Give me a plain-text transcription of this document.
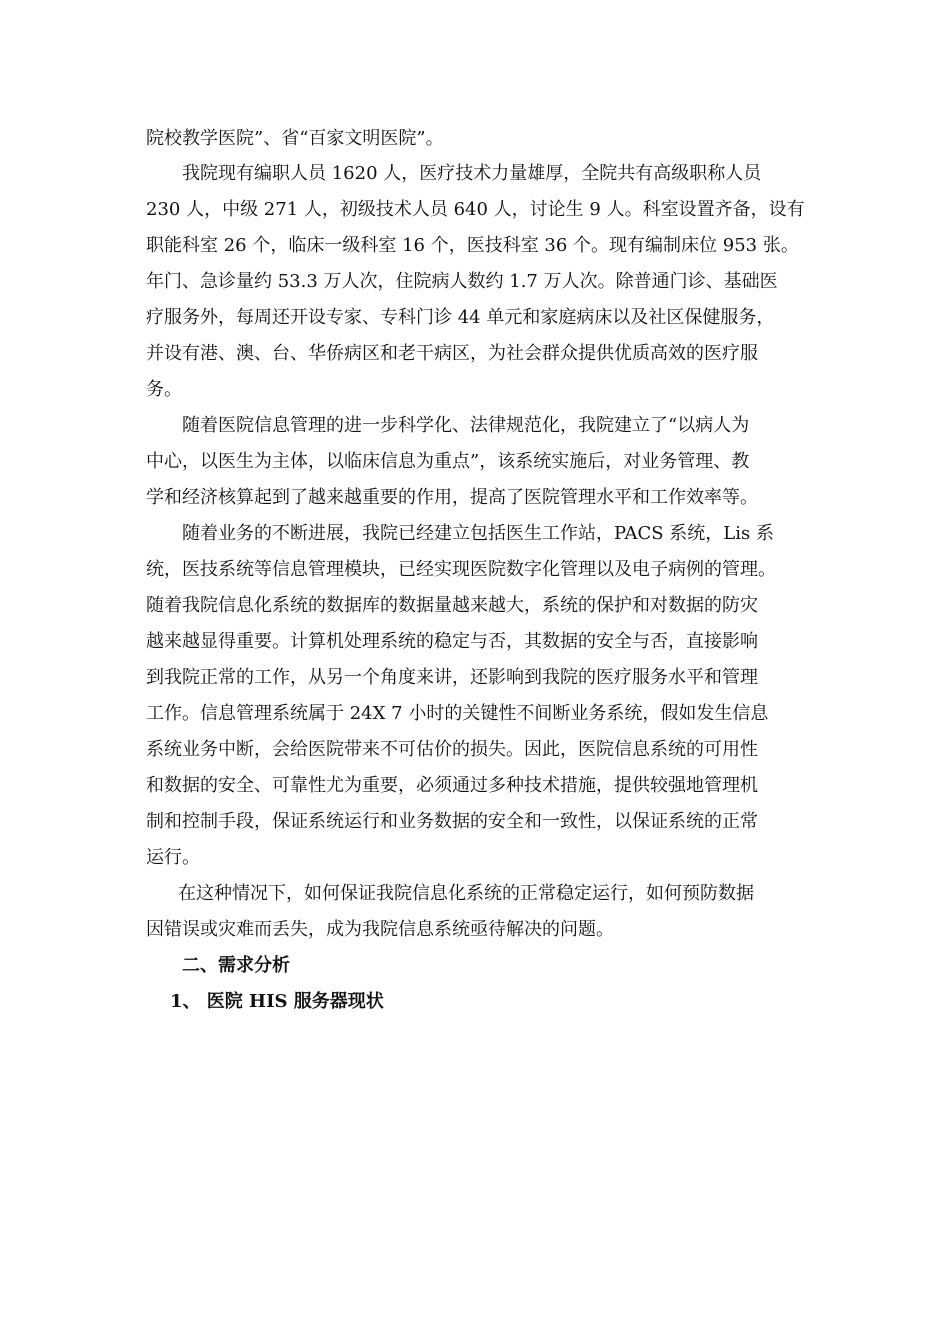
院校教学医院”、省“百家文明医院”。
我院现有编职人员 1620 人，医疗技术力量雄厚，全院共有高级职称人员
230 人，中级 271 人，初级技术人员 640 人，讨论生 9 人。科室设置齐备，设有
职能科室 26 个，临床一级科室 16 个，医技科室 36 个。现有编制床位 953 张。
年门、急诊量约 53.3 万人次，住院病人数约 1.7 万人次。除普通门诊、基础医
疗服务外，每周还开设专家、专科门诊 44 单元和家庭病床以及社区保健服务，
并设有港、澳、台、华侨病区和老干病区，为社会群众提供优质高效的医疗服
务。
随着医院信息管理的进一步科学化、法律规范化，我院建立了“以病人为
中心，以医生为主体，以临床信息为重点”，该系统实施后，对业务管理、教
学和经济核算起到了越来越重要的作用，提高了医院管理水平和工作效率等。
随着业务的不断进展，我院已经建立包括医生工作站，PACS 系统，Lis 系
统，医技系统等信息管理模块，已经实现医院数字化管理以及电子病例的管理。
随着我院信息化系统的数据库的数据量越来越大，系统的保护和对数据的防灾
越来越显得重要。计算机处理系统的稳定与否，其数据的安全与否，直接影响
到我院正常的工作，从另一个角度来讲，还影响到我院的医疗服务水平和管理
工作。信息管理系统属于 24X 7 小时的关键性不间断业务系统，假如发生信息
系统业务中断，会给医院带来不可估价的损失。因此，医院信息系统的可用性
和数据的安全、可靠性尤为重要，必须通过多种技术措施，提供较强地管理机
制和控制手段，保证系统运行和业务数据的安全和一致性，以保证系统的正常
运行。
在这种情况下，如何保证我院信息化系统的正常稳定运行，如何预防数据
因错误或灾难而丢失，成为我院信息系统亟待解决的问题。
二、需求分析
1、 医院 HIS 服务器现状
